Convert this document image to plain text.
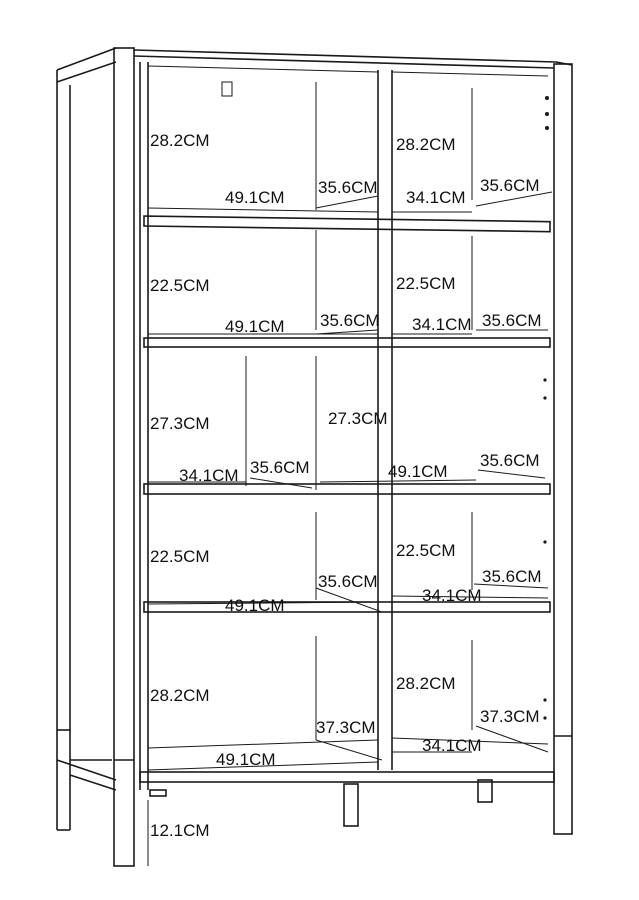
28.2CM	28.2CM
49.1CM
35.6CM
34.1CM
35.6CM
22.5CM	22.5CM
49.1CM 35.6CM 34.1CM 35.6CM
27.3CM	27.3CM
34.1CM 35.6CM	49.1CM
35.6CM
22.5CM	22.5CM
35.6CM
49.1CM
34.1CM
35.6CM
28.2CM
28.2CM
37.3CM
49.1CM
34.1CM
37.3CM
12.1CM
